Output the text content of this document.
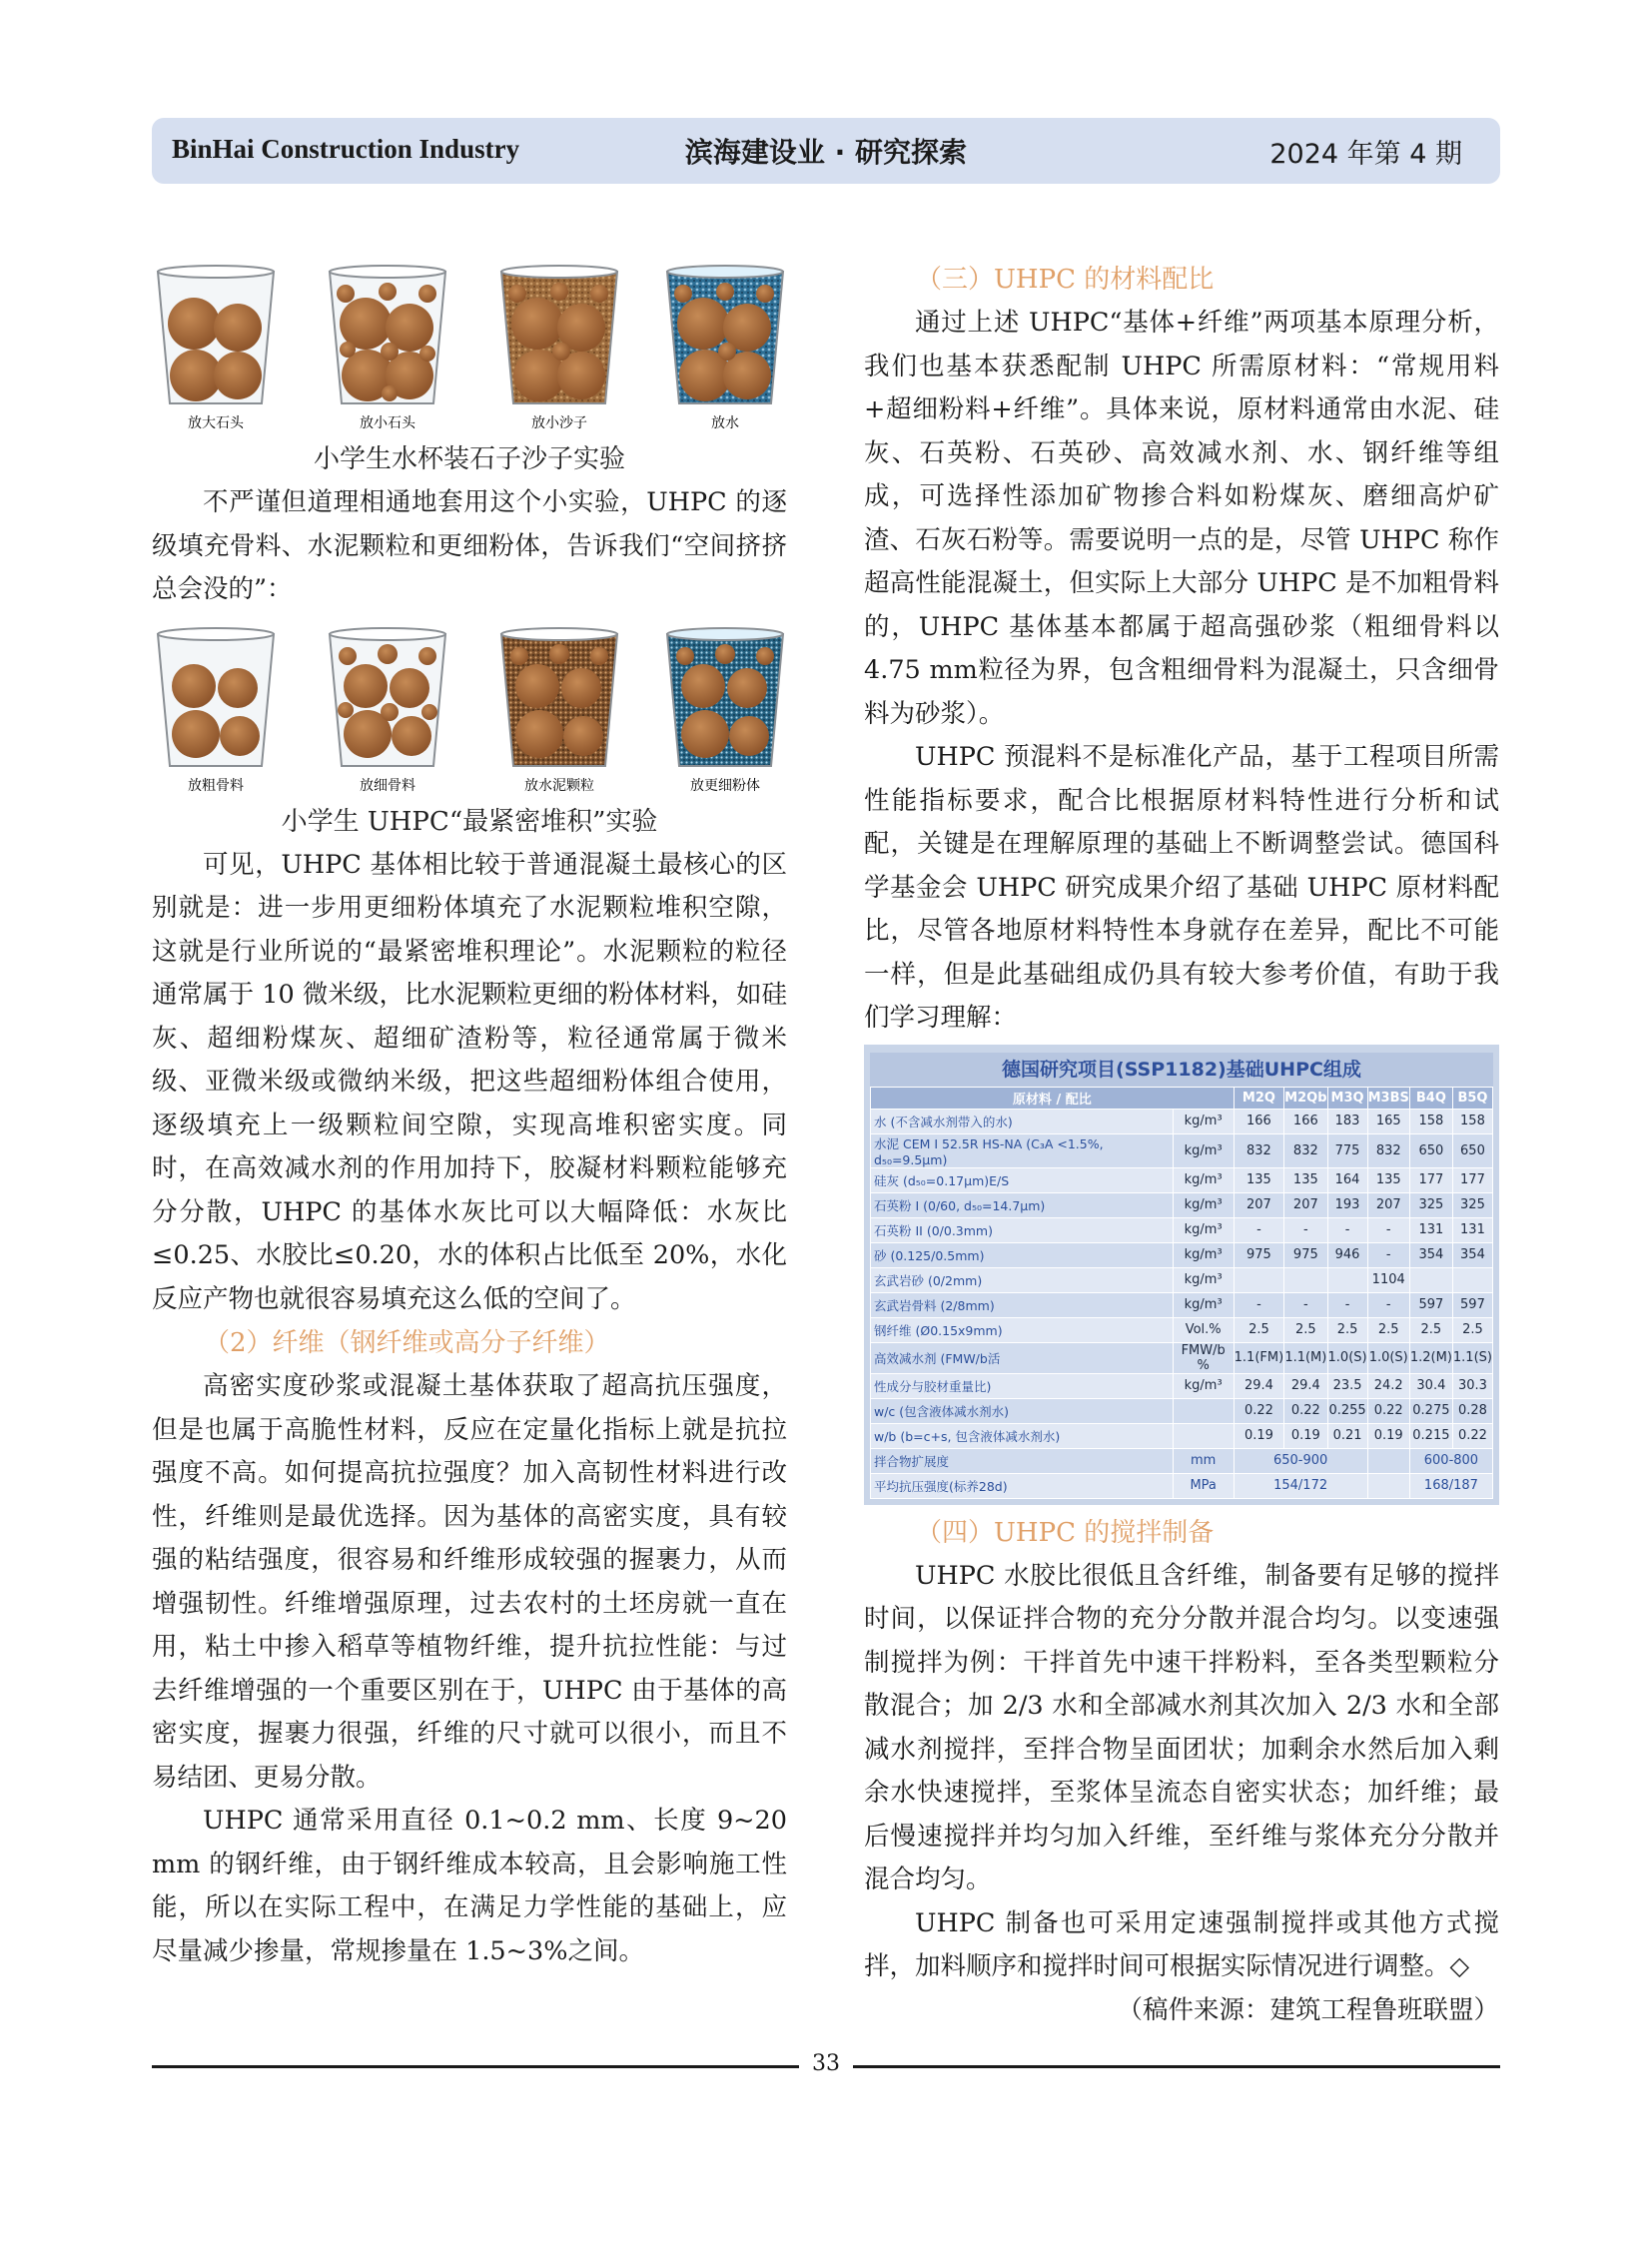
BinHai Construction Industry	滨海建设业 · 研究探索	2024 年第 4 期
放大石头	放小石头	放小沙子	放水
小学生水杯装石子沙子实验

不严谨但道理相通地套用这个小实验，UHPC 的逐级填充骨料、水泥颗粒和更细粉体，告诉我们“空间挤挤总会没的”：

放粗骨料	放细骨料	放水泥颗粒	放更细粉体
小学生 UHPC“最紧密堆积”实验

可见，UHPC 基体相比较于普通混凝土最核心的区别就是：进一步用更细粉体填充了水泥颗粒堆积空隙，这就是行业所说的“最紧密堆积理论”。水泥颗粒的粒径通常属于 10 微米级，比水泥颗粒更细的粉体材料，如硅灰、超细粉煤灰、超细矿渣粉等，粒径通常属于微米级、亚微米级或微纳米级，把这些超细粉体组合使用，逐级填充上一级颗粒间空隙，实现高堆积密实度。同时，在高效减水剂的作用加持下，胶凝材料颗粒能够充分分散，UHPC 的基体水灰比可以大幅降低：水灰比≤0.25、水胶比≤0.20，水的体积占比低至 20%，水化反应产物也就很容易填充这么低的空间了。

（2）纤维（钢纤维或高分子纤维）

高密实度砂浆或混凝土基体获取了超高抗压强度，但是也属于高脆性材料，反应在定量化指标上就是抗拉强度不高。如何提高抗拉强度？加入高韧性材料进行改性，纤维则是最优选择。因为基体的高密实度，具有较强的粘结强度，很容易和纤维形成较强的握裹力，从而增强韧性。纤维增强原理，过去农村的土坯房就一直在用，粘土中掺入稻草等植物纤维，提升抗拉性能：与过去纤维增强的一个重要区别在于，UHPC 由于基体的高密实度，握裹力很强，纤维的尺寸就可以很小，而且不易结团、更易分散。

UHPC 通常采用直径 0.1~0.2 mm、长度 9~20 mm 的钢纤维，由于钢纤维成本较高，且会影响施工性能，所以在实际工程中，在满足力学性能的基础上，应尽量减少掺量，常规掺量在 1.5~3%之间。

（三）UHPC 的材料配比

通过上述 UHPC“基体+纤维”两项基本原理分析，我们也基本获悉配制 UHPC 所需原材料：“常规用料+超细粉料+纤维”。具体来说，原材料通常由水泥、硅灰、石英粉、石英砂、高效减水剂、水、钢纤维等组成，可选择性添加矿物掺合料如粉煤灰、磨细高炉矿渣、石灰石粉等。需要说明一点的是，尽管 UHPC 称作超高性能混凝土，但实际上大部分 UHPC 是不加粗骨料的，UHPC 基体基本都属于超高强砂浆（粗细骨料以 4.75 mm粒径为界，包含粗细骨料为混凝土，只含细骨料为砂浆）。

UHPC 预混料不是标准化产品，基于工程项目所需性能指标要求，配合比根据原材料特性进行分析和试配，关键是在理解原理的基础上不断调整尝试。德国科学基金会 UHPC 研究成果介绍了基础 UHPC 原材料配比，尽管各地原材料特性本身就存在差异，配比不可能一样，但是此基础组成仍具有较大参考价值，有助于我们学习理解：

德国研究项目(SSP1182)基础UHPC组成
原材料 / 配比		M2Q	M2Qb	M3Q	M3BS	B4Q	B5Q
水 (不含减水剂带入的水)	kg/m³	166	166	183	165	158	158
水泥 CEM I 52.5R HS-NA (C₃A <1.5%, d₅₀=9.5μm)	kg/m³	832	832	775	832	650	650
硅灰 (d₅₀=0.17μm)E/S	kg/m³	135	135	164	135	177	177
石英粉 I (0/60, d₅₀=14.7μm)	kg/m³	207	207	193	207	325	325
石英粉 II (0/0.3mm)	kg/m³	-	-	-	-	131	131
砂 (0.125/0.5mm)	kg/m³	975	975	946	-	354	354
玄武岩砂 (0/2mm)	kg/m³				1104		
玄武岩骨料 (2/8mm)	kg/m³	-	-	-	-	597	597
钢纤维 (Ø0.15x9mm)	Vol.%	2.5	2.5	2.5	2.5	2.5	2.5
高效减水剂 (FMW/b活	FMW/b %	1.1(FM)	1.1(M)	1.0(S)	1.0(S)	1.2(M)	1.1(S)
性成分与胶材重量比)	kg/m³	29.4	29.4	23.5	24.2	30.4	30.3
w/c (包含液体减水剂水)		0.22	0.22	0.255	0.22	0.275	0.28
w/b (b=c+s, 包含液体减水剂水)		0.19	0.19	0.21	0.19	0.215	0.22
拌合物扩展度	mm	650-900				600-800	
平均抗压强度(标养28d)	MPa	154/172				168/187	
（四）UHPC 的搅拌制备

UHPC 水胶比很低且含纤维，制备要有足够的搅拌时间，以保证拌合物的充分分散并混合均匀。以变速强制搅拌为例：干拌首先中速干拌粉料，至各类型颗粒分散混合；加 2/3 水和全部减水剂其次加入 2/3 水和全部减水剂搅拌，至拌合物呈面团状；加剩余水然后加入剩余水快速搅拌，至浆体呈流态自密实状态；加纤维；最后慢速搅拌并均匀加入纤维，至纤维与浆体充分分散并混合均匀。

UHPC 制备也可采用定速强制搅拌或其他方式搅拌，加料顺序和搅拌时间可根据实际情况进行调整。◇
（稿件来源：建筑工程鲁班联盟）

33
